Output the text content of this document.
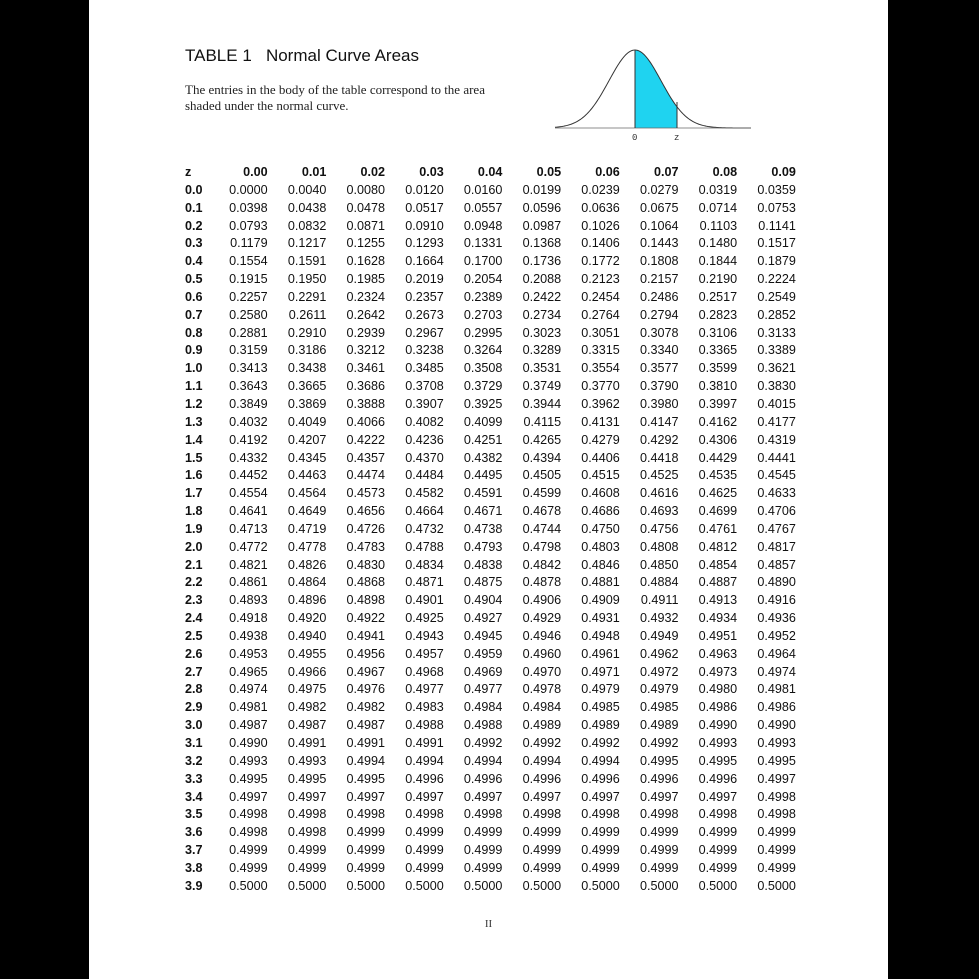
TABLE 1 Normal Curve Areas
The entries in the body of the table correspond to the area shaded under the normal curve.
0	z
z	0.00	0.01	0.02	0.03	0.04	0.05	0.06	0.07	0.08	0.09
0.0	0.0000	0.0040	0.0080	0.0120	0.0160	0.0199	0.0239	0.0279	0.0319	0.0359
0.1	0.0398	0.0438	0.0478	0.0517	0.0557	0.0596	0.0636	0.0675	0.0714	0.0753
0.2	0.0793	0.0832	0.0871	0.0910	0.0948	0.0987	0.1026	0.1064	0.1103	0.1141
0.3	0.1179	0.1217	0.1255	0.1293	0.1331	0.1368	0.1406	0.1443	0.1480	0.1517
0.4	0.1554	0.1591	0.1628	0.1664	0.1700	0.1736	0.1772	0.1808	0.1844	0.1879
0.5	0.1915	0.1950	0.1985	0.2019	0.2054	0.2088	0.2123	0.2157	0.2190	0.2224
0.6	0.2257	0.2291	0.2324	0.2357	0.2389	0.2422	0.2454	0.2486	0.2517	0.2549
0.7	0.2580	0.2611	0.2642	0.2673	0.2703	0.2734	0.2764	0.2794	0.2823	0.2852
0.8	0.2881	0.2910	0.2939	0.2967	0.2995	0.3023	0.3051	0.3078	0.3106	0.3133
0.9	0.3159	0.3186	0.3212	0.3238	0.3264	0.3289	0.3315	0.3340	0.3365	0.3389
1.0	0.3413	0.3438	0.3461	0.3485	0.3508	0.3531	0.3554	0.3577	0.3599	0.3621
1.1	0.3643	0.3665	0.3686	0.3708	0.3729	0.3749	0.3770	0.3790	0.3810	0.3830
1.2	0.3849	0.3869	0.3888	0.3907	0.3925	0.3944	0.3962	0.3980	0.3997	0.4015
1.3	0.4032	0.4049	0.4066	0.4082	0.4099	0.4115	0.4131	0.4147	0.4162	0.4177
1.4	0.4192	0.4207	0.4222	0.4236	0.4251	0.4265	0.4279	0.4292	0.4306	0.4319
1.5	0.4332	0.4345	0.4357	0.4370	0.4382	0.4394	0.4406	0.4418	0.4429	0.4441
1.6	0.4452	0.4463	0.4474	0.4484	0.4495	0.4505	0.4515	0.4525	0.4535	0.4545
1.7	0.4554	0.4564	0.4573	0.4582	0.4591	0.4599	0.4608	0.4616	0.4625	0.4633
1.8	0.4641	0.4649	0.4656	0.4664	0.4671	0.4678	0.4686	0.4693	0.4699	0.4706
1.9	0.4713	0.4719	0.4726	0.4732	0.4738	0.4744	0.4750	0.4756	0.4761	0.4767
2.0	0.4772	0.4778	0.4783	0.4788	0.4793	0.4798	0.4803	0.4808	0.4812	0.4817
2.1	0.4821	0.4826	0.4830	0.4834	0.4838	0.4842	0.4846	0.4850	0.4854	0.4857
2.2	0.4861	0.4864	0.4868	0.4871	0.4875	0.4878	0.4881	0.4884	0.4887	0.4890
2.3	0.4893	0.4896	0.4898	0.4901	0.4904	0.4906	0.4909	0.4911	0.4913	0.4916
2.4	0.4918	0.4920	0.4922	0.4925	0.4927	0.4929	0.4931	0.4932	0.4934	0.4936
2.5	0.4938	0.4940	0.4941	0.4943	0.4945	0.4946	0.4948	0.4949	0.4951	0.4952
2.6	0.4953	0.4955	0.4956	0.4957	0.4959	0.4960	0.4961	0.4962	0.4963	0.4964
2.7	0.4965	0.4966	0.4967	0.4968	0.4969	0.4970	0.4971	0.4972	0.4973	0.4974
2.8	0.4974	0.4975	0.4976	0.4977	0.4977	0.4978	0.4979	0.4979	0.4980	0.4981
2.9	0.4981	0.4982	0.4982	0.4983	0.4984	0.4984	0.4985	0.4985	0.4986	0.4986
3.0	0.4987	0.4987	0.4987	0.4988	0.4988	0.4989	0.4989	0.4989	0.4990	0.4990
3.1	0.4990	0.4991	0.4991	0.4991	0.4992	0.4992	0.4992	0.4992	0.4993	0.4993
3.2	0.4993	0.4993	0.4994	0.4994	0.4994	0.4994	0.4994	0.4995	0.4995	0.4995
3.3	0.4995	0.4995	0.4995	0.4996	0.4996	0.4996	0.4996	0.4996	0.4996	0.4997
3.4	0.4997	0.4997	0.4997	0.4997	0.4997	0.4997	0.4997	0.4997	0.4997	0.4998
3.5	0.4998	0.4998	0.4998	0.4998	0.4998	0.4998	0.4998	0.4998	0.4998	0.4998
3.6	0.4998	0.4998	0.4999	0.4999	0.4999	0.4999	0.4999	0.4999	0.4999	0.4999
3.7	0.4999	0.4999	0.4999	0.4999	0.4999	0.4999	0.4999	0.4999	0.4999	0.4999
3.8	0.4999	0.4999	0.4999	0.4999	0.4999	0.4999	0.4999	0.4999	0.4999	0.4999
3.9	0.5000	0.5000	0.5000	0.5000	0.5000	0.5000	0.5000	0.5000	0.5000	0.5000
II
